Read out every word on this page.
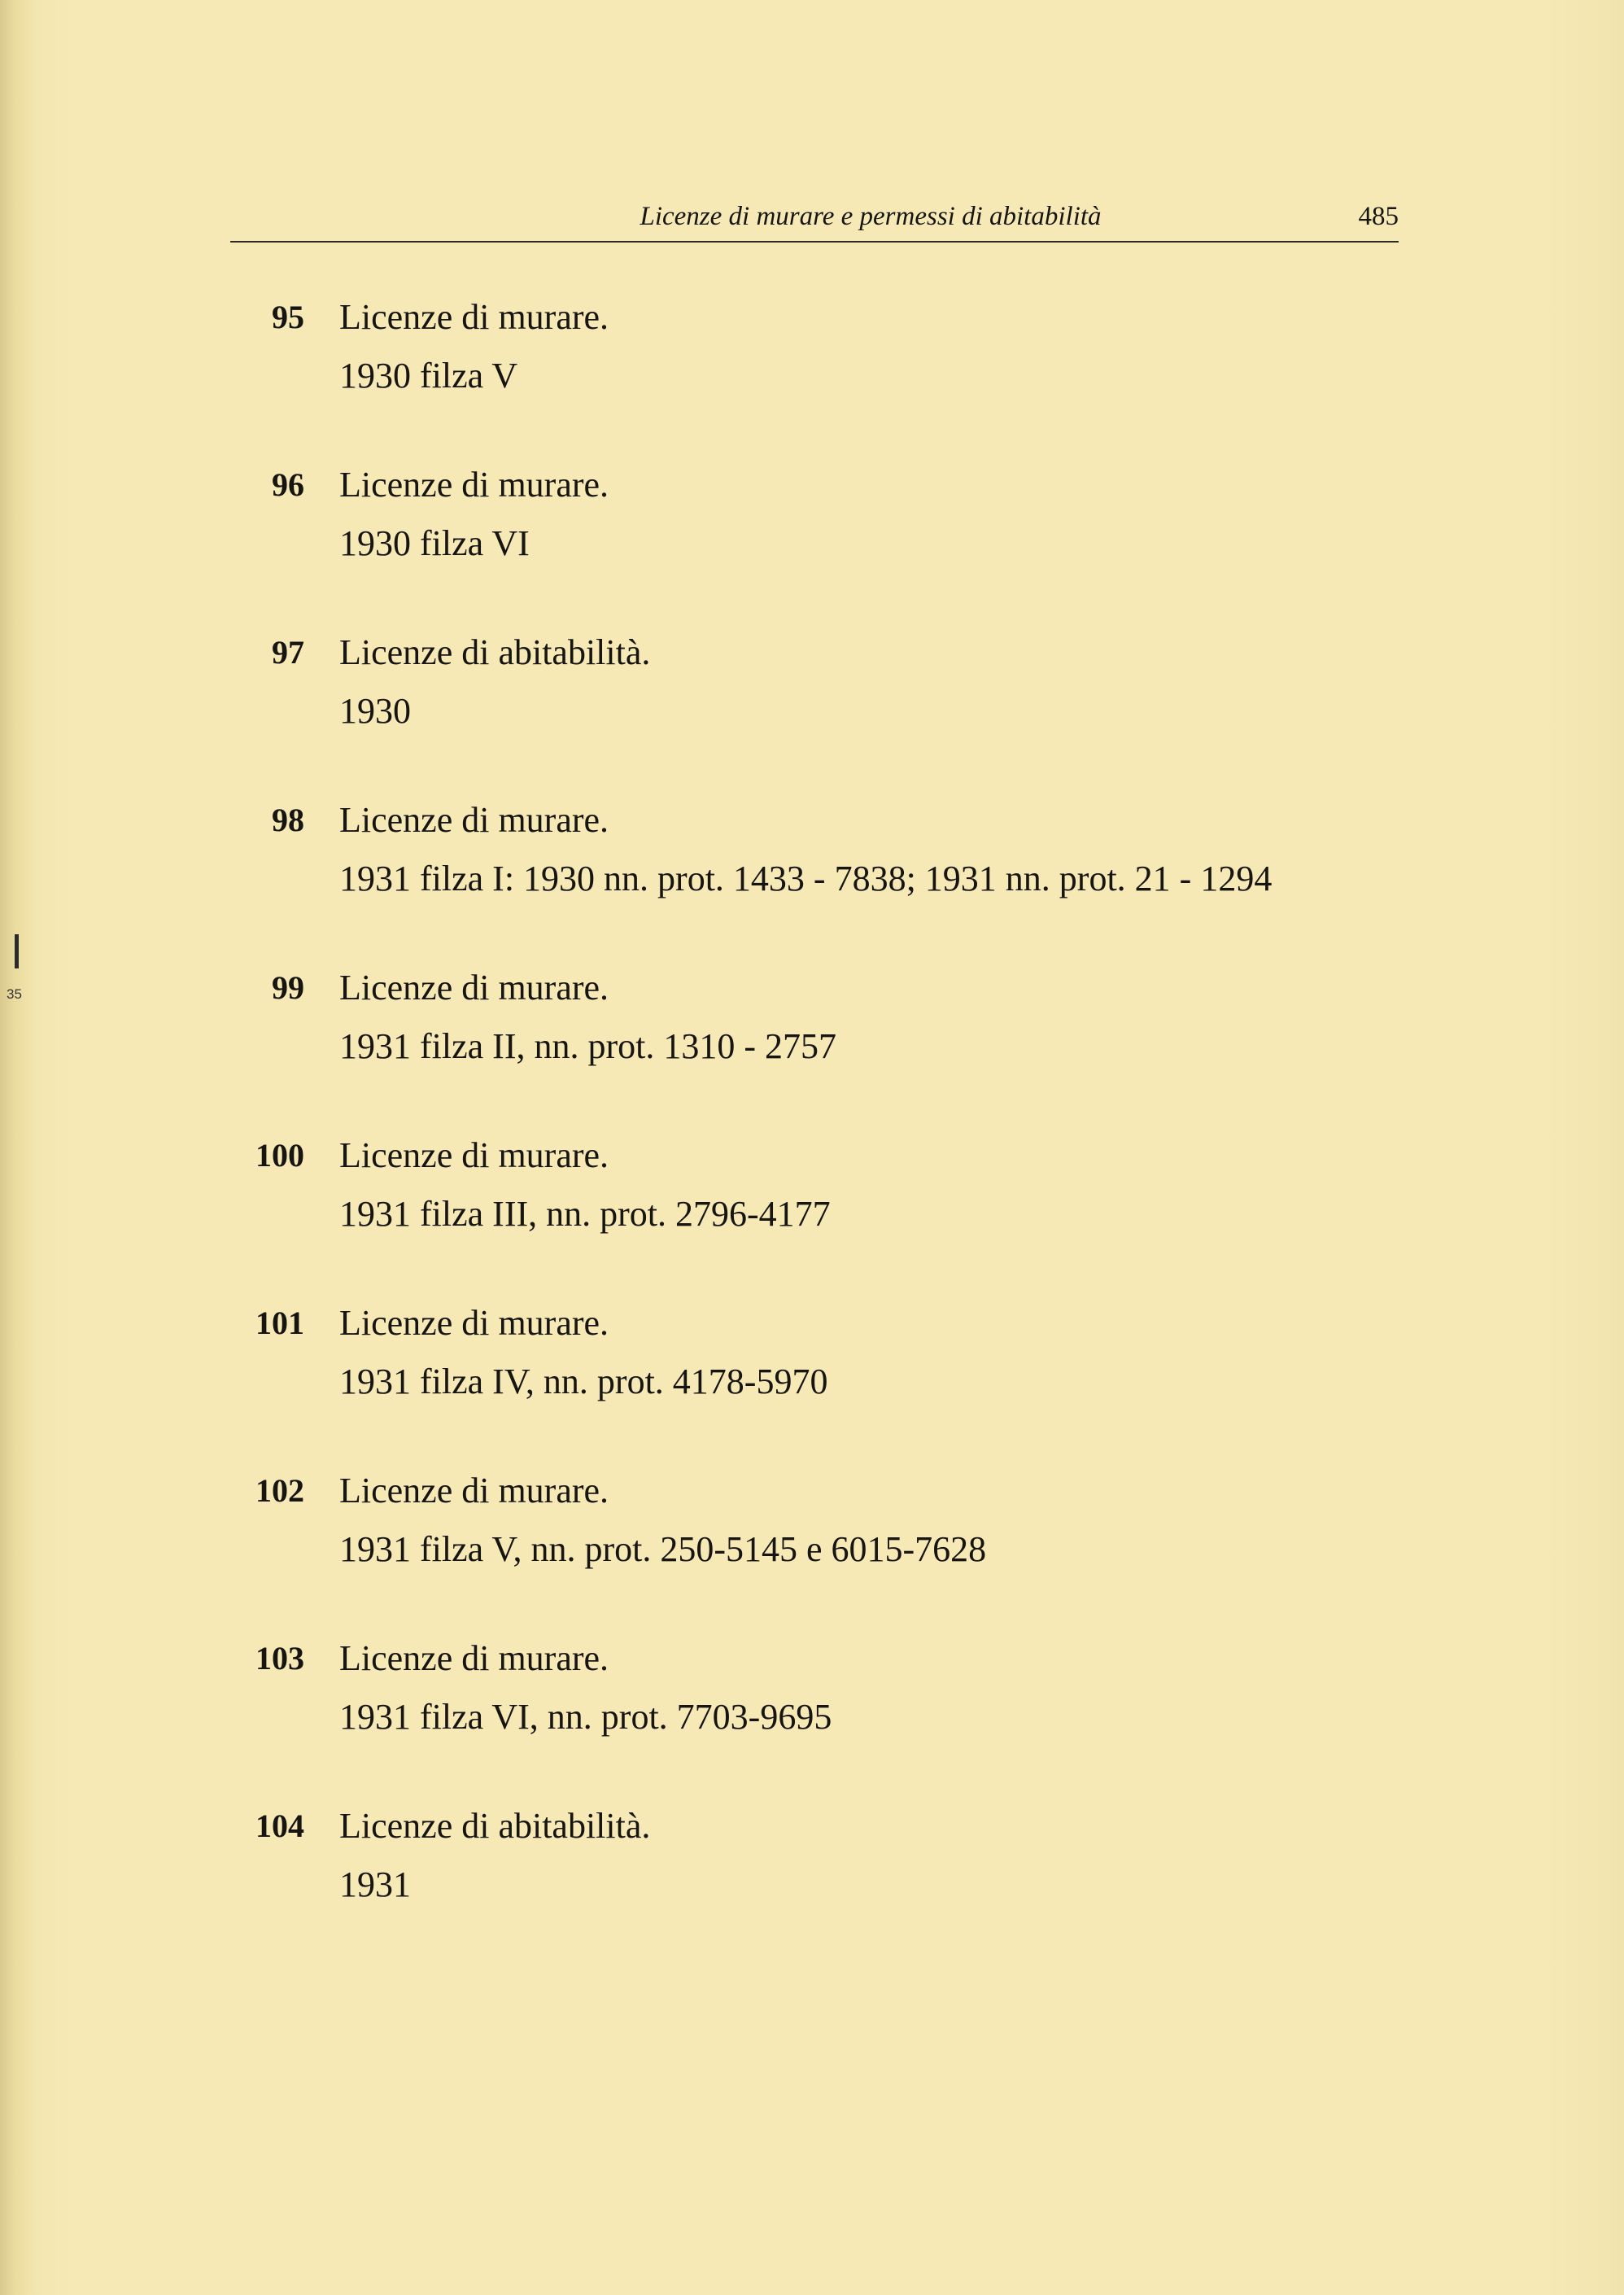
35
Licenze di murare e permessi di abitabilità	485
95 Licenze di murare.
1930 filza V
96 Licenze di murare.
1930 filza VI
97 Licenze di abitabilità.
1930
98 Licenze di murare.
1931 filza I: 1930 nn. prot. 1433 - 7838; 1931 nn. prot. 21 - 1294
99 Licenze di murare.
1931 filza II, nn. prot. 1310 - 2757
100 Licenze di murare.
1931 filza III, nn. prot. 2796-4177
101 Licenze di murare.
1931 filza IV, nn. prot. 4178-5970
102 Licenze di murare.
1931 filza V, nn. prot. 250-5145 e 6015-7628
103 Licenze di murare.
1931 filza VI, nn. prot. 7703-9695
104 Licenze di abitabilità.
1931
